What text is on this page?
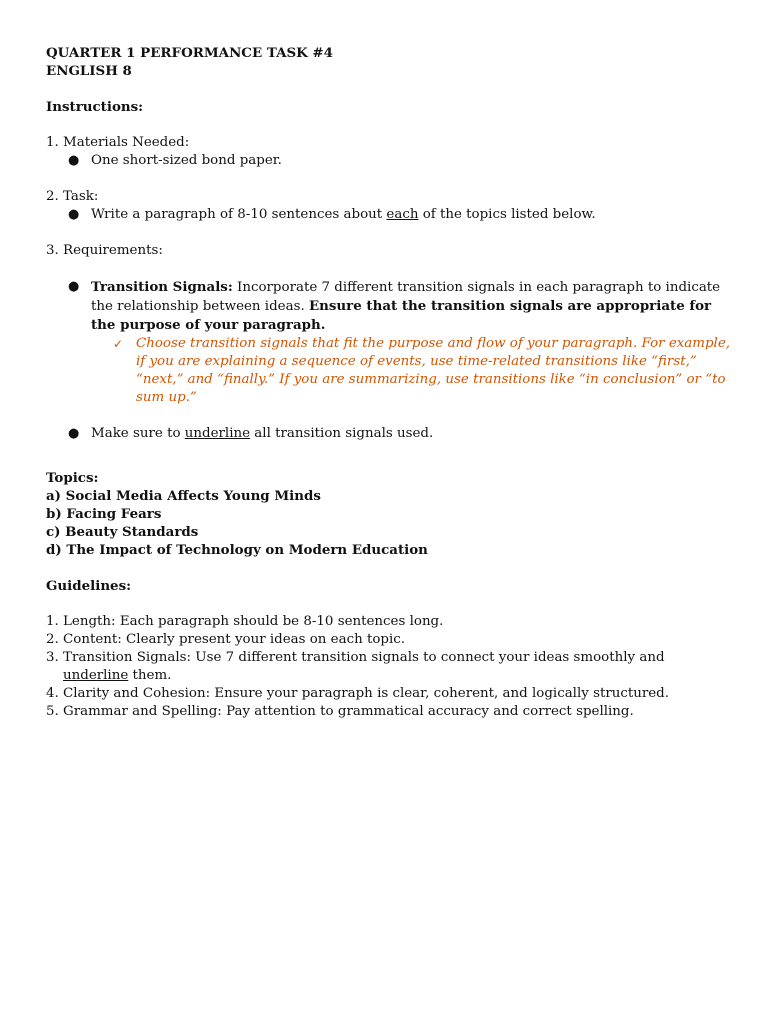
QUARTER 1 PERFORMANCE TASK #4
ENGLISH 8
Instructions:
1. Materials Needed:
● One short-sized bond paper.
2. Task:
● Write a paragraph of 8-10 sentences about each of the topics listed below.
3. Requirements:
● Transition Signals: Incorporate 7 different transition signals in each paragraph to indicate the relationship between ideas. Ensure that the transition signals are appropriate for the purpose of your paragraph.
✓ Choose transition signals that fit the purpose and flow of your paragraph. For example, if you are explaining a sequence of events, use time-related transitions like “first,” “next,” and “finally.” If you are summarizing, use transitions like “in conclusion” or “to sum up.”
● Make sure to underline all transition signals used.
Topics:
a) Social Media Affects Young Minds
b) Facing Fears
c) Beauty Standards
d) The Impact of Technology on Modern Education
Guidelines:
1. Length: Each paragraph should be 8-10 sentences long.
2. Content: Clearly present your ideas on each topic.
3. Transition Signals: Use 7 different transition signals to connect your ideas smoothly and
underline them.
4. Clarity and Cohesion: Ensure your paragraph is clear, coherent, and logically structured.
5. Grammar and Spelling: Pay attention to grammatical accuracy and correct spelling.
